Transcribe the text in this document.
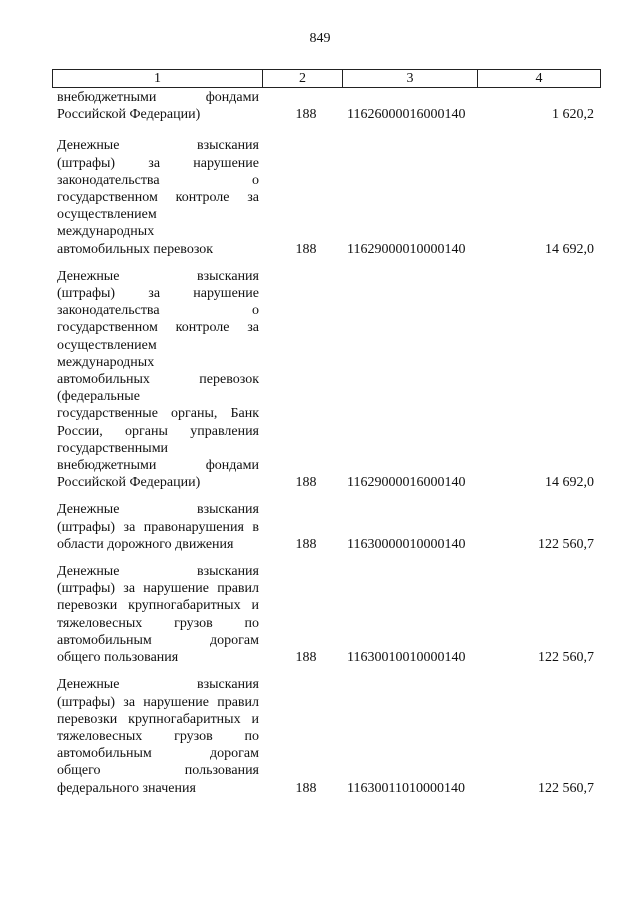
849
1	2	3	4
внебюджетными фондами
Российской Федерации)	188	11626000016000140	1 620,2
Денежные взыскания
(штрафы) за нарушение
законодательства о
государственном контроле за
осуществлением
международных
автомобильных перевозок	188	11629000010000140	14 692,0
Денежные взыскания
(штрафы) за нарушение
законодательства о
государственном контроле за
осуществлением
международных
автомобильных перевозок
(федеральные
государственные органы, Банк
России, органы управления
государственными
внебюджетными фондами
Российской Федерации)	188	11629000016000140	14 692,0
Денежные взыскания
(штрафы) за правонарушения в
области дорожного движения	188	11630000010000140	122 560,7
Денежные взыскания
(штрафы) за нарушение правил
перевозки крупногабаритных и
тяжеловесных грузов по
автомобильным дорогам
общего пользования	188	11630010010000140	122 560,7
Денежные взыскания
(штрафы) за нарушение правил
перевозки крупногабаритных и
тяжеловесных грузов по
автомобильным дорогам
общего пользования
федерального значения	188	11630011010000140	122 560,7
